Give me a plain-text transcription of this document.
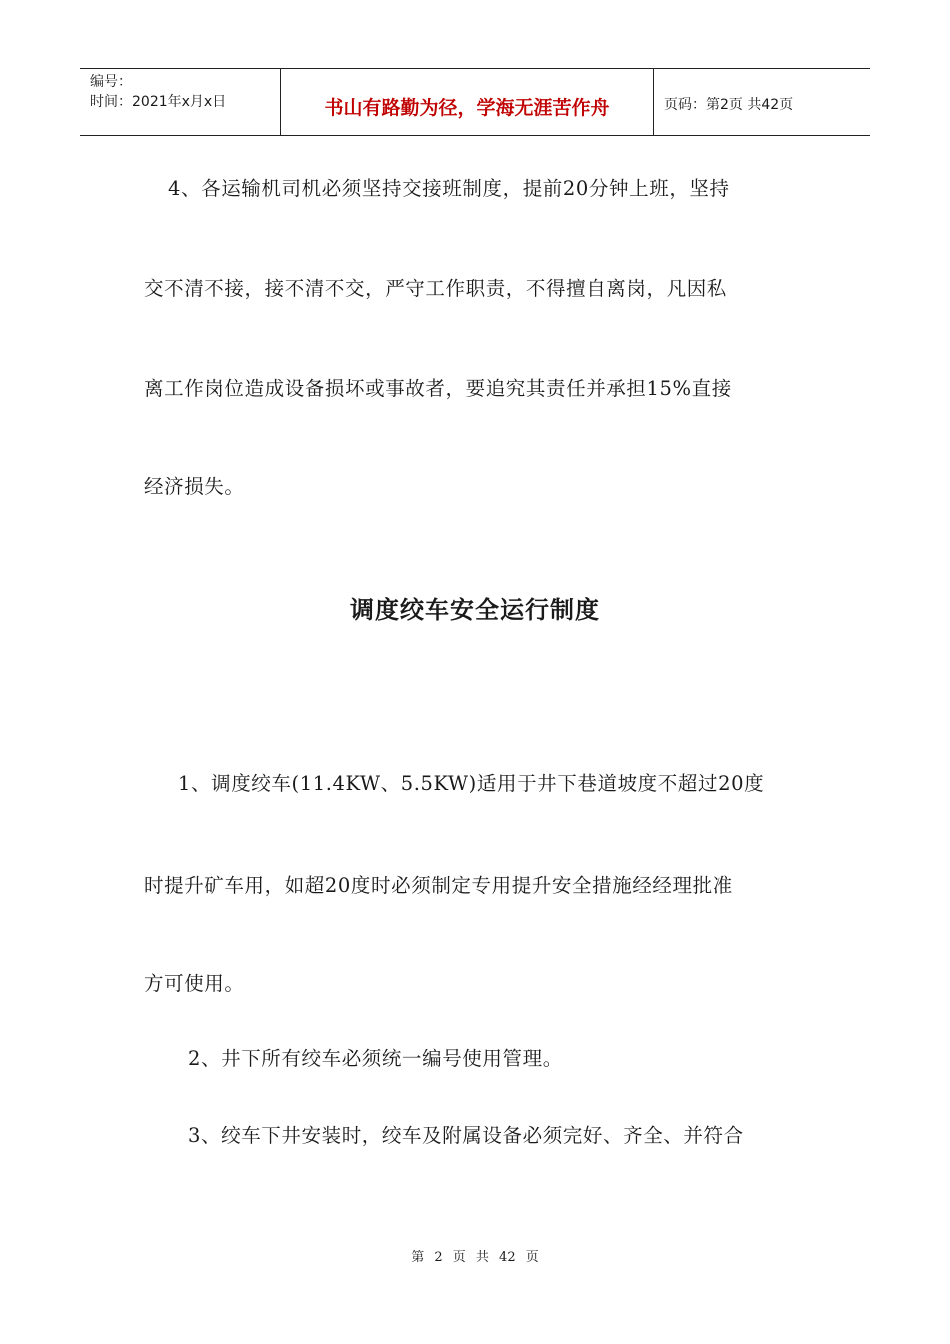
编号：
时间：2021年x月x日	书山有路勤为径，学海无涯苦作舟	页码：第2页 共42页
4、各运输机司机必须坚持交接班制度，提前20分钟上班，坚持
交不清不接，接不清不交，严守工作职责，不得擅自离岗，凡因私
离工作岗位造成设备损坏或事故者，要追究其责任并承担15%直接
经济损失。
调度绞车安全运行制度
1、调度绞车(11.4KW、5.5KW)适用于井下巷道坡度不超过20度
时提升矿车用，如超20度时必须制定专用提升安全措施经经理批准
方可使用。
2、井下所有绞车必须统一编号使用管理。
3、绞车下井安装时，绞车及附属设备必须完好、齐全、并符合
第 2 页 共 42 页
